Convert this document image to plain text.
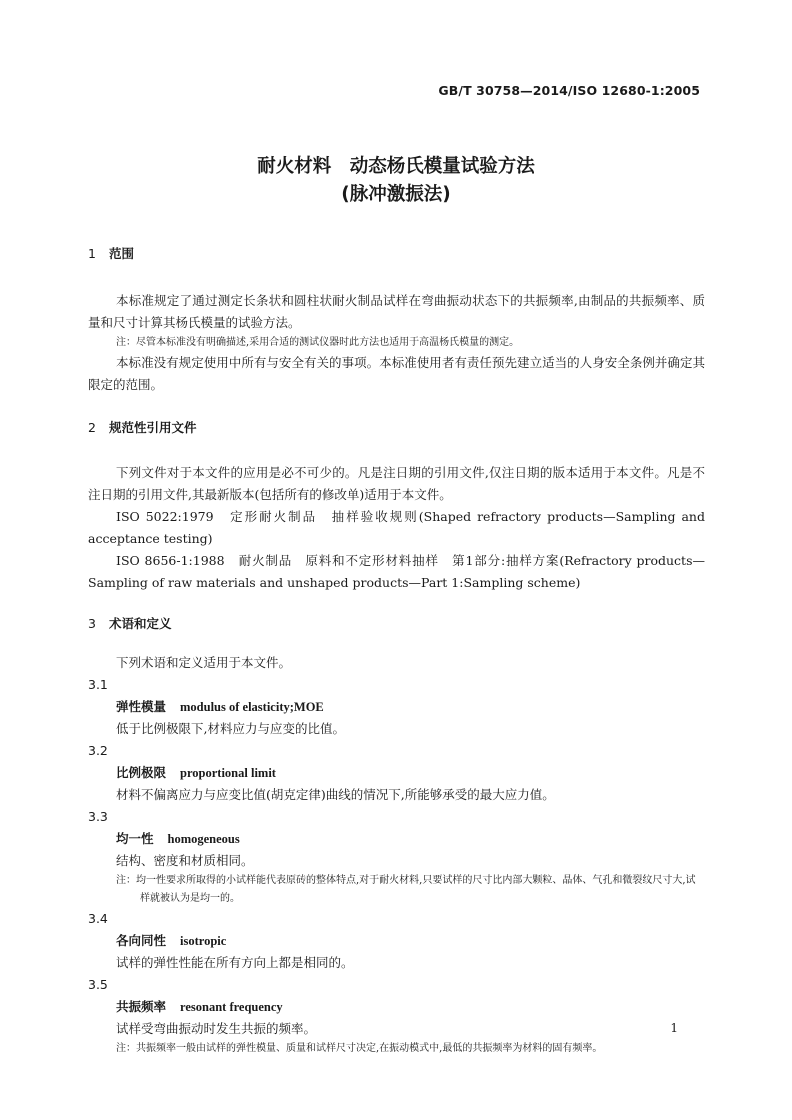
GB/T 30758—2014/ISO 12680-1:2005
耐火材料　动态杨氏模量试验方法
(脉冲激振法)
1 范围

本标准规定了通过测定长条状和圆柱状耐火制品试样在弯曲振动状态下的共振频率,由制品的共振频率、质量和尺寸计算其杨氏模量的试验方法。

注：尽管本标准没有明确描述,采用合适的测试仪器时此方法也适用于高温杨氏模量的测定。

本标准没有规定使用中所有与安全有关的事项。本标准使用者有责任预先建立适当的人身安全条例并确定其限定的范围。

2 规范性引用文件

下列文件对于本文件的应用是必不可少的。凡是注日期的引用文件,仅注日期的版本适用于本文件。凡是不注日期的引用文件,其最新版本(包括所有的修改单)适用于本文件。

ISO 5022:1979　定形耐火制品　抽样验收规则(Shaped refractory products—Sampling and acceptance testing)

ISO 8656-1:1988　耐火制品　原料和不定形材料抽样　第1部分:抽样方案(Refractory products—Sampling of raw materials and unshaped products—Part 1:Sampling scheme)

3 术语和定义

下列术语和定义适用于本文件。

3.1

弹性模量 modulus of elasticity;MOE

低于比例极限下,材料应力与应变的比值。

3.2

比例极限 proportional limit

材料不偏离应力与应变比值(胡克定律)曲线的情况下,所能够承受的最大应力值。

3.3

均一性 homogeneous

结构、密度和材质相同。

注：均一性要求所取得的小试样能代表原砖的整体特点,对于耐火材料,只要试样的尺寸比内部大颗粒、晶体、气孔和微裂纹尺寸大,试样就被认为是均一的。

3.4

各向同性 isotropic

试样的弹性性能在所有方向上都是相同的。

3.5

共振频率 resonant frequency

试样受弯曲振动时发生共振的频率。

注：共振频率一般由试样的弹性模量、质量和试样尺寸决定,在振动模式中,最低的共振频率为材料的固有频率。

1
